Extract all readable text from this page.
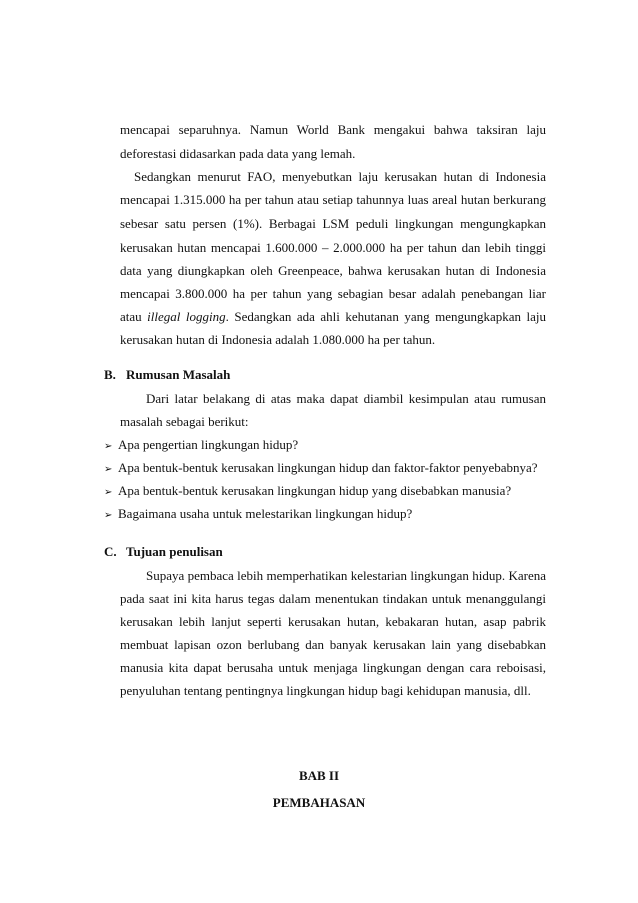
mencapai separuhnya. Namun World Bank mengakui bahwa taksiran laju
deforestasi didasarkan pada data yang lemah.
Sedangkan menurut FAO, menyebutkan laju kerusakan hutan di Indonesia
mencapai 1.315.000 ha per tahun atau setiap tahunnya luas areal hutan berkurang
sebesar satu persen (1%). Berbagai LSM peduli lingkungan mengungkapkan
kerusakan hutan mencapai 1.600.000 – 2.000.000 ha per tahun dan lebih tinggi
data yang diungkapkan oleh Greenpeace, bahwa kerusakan hutan di Indonesia
mencapai 3.800.000 ha per tahun yang sebagian besar adalah penebangan liar
atau illegal logging. Sedangkan ada ahli kehutanan yang mengungkapkan laju
kerusakan hutan di Indonesia adalah 1.080.000 ha per tahun.
B. Rumusan Masalah
Dari latar belakang di atas maka dapat diambil kesimpulan atau rumusan
masalah sebagai berikut:
➢ Apa pengertian lingkungan hidup?
➢ Apa bentuk-bentuk kerusakan lingkungan hidup dan faktor-faktor penyebabnya?
➢ Apa bentuk-bentuk kerusakan lingkungan hidup yang disebabkan manusia?
➢ Bagaimana usaha untuk melestarikan lingkungan hidup?
C. Tujuan penulisan
Supaya pembaca lebih memperhatikan kelestarian lingkungan hidup. Karena
pada saat ini kita harus tegas dalam menentukan tindakan untuk menanggulangi
kerusakan lebih lanjut seperti kerusakan hutan, kebakaran hutan, asap pabrik
membuat lapisan ozon berlubang dan banyak kerusakan lain yang disebabkan
manusia kita dapat berusaha untuk menjaga lingkungan dengan cara reboisasi,
penyuluhan tentang pentingnya lingkungan hidup bagi kehidupan manusia, dll.
BAB II
PEMBAHASAN
